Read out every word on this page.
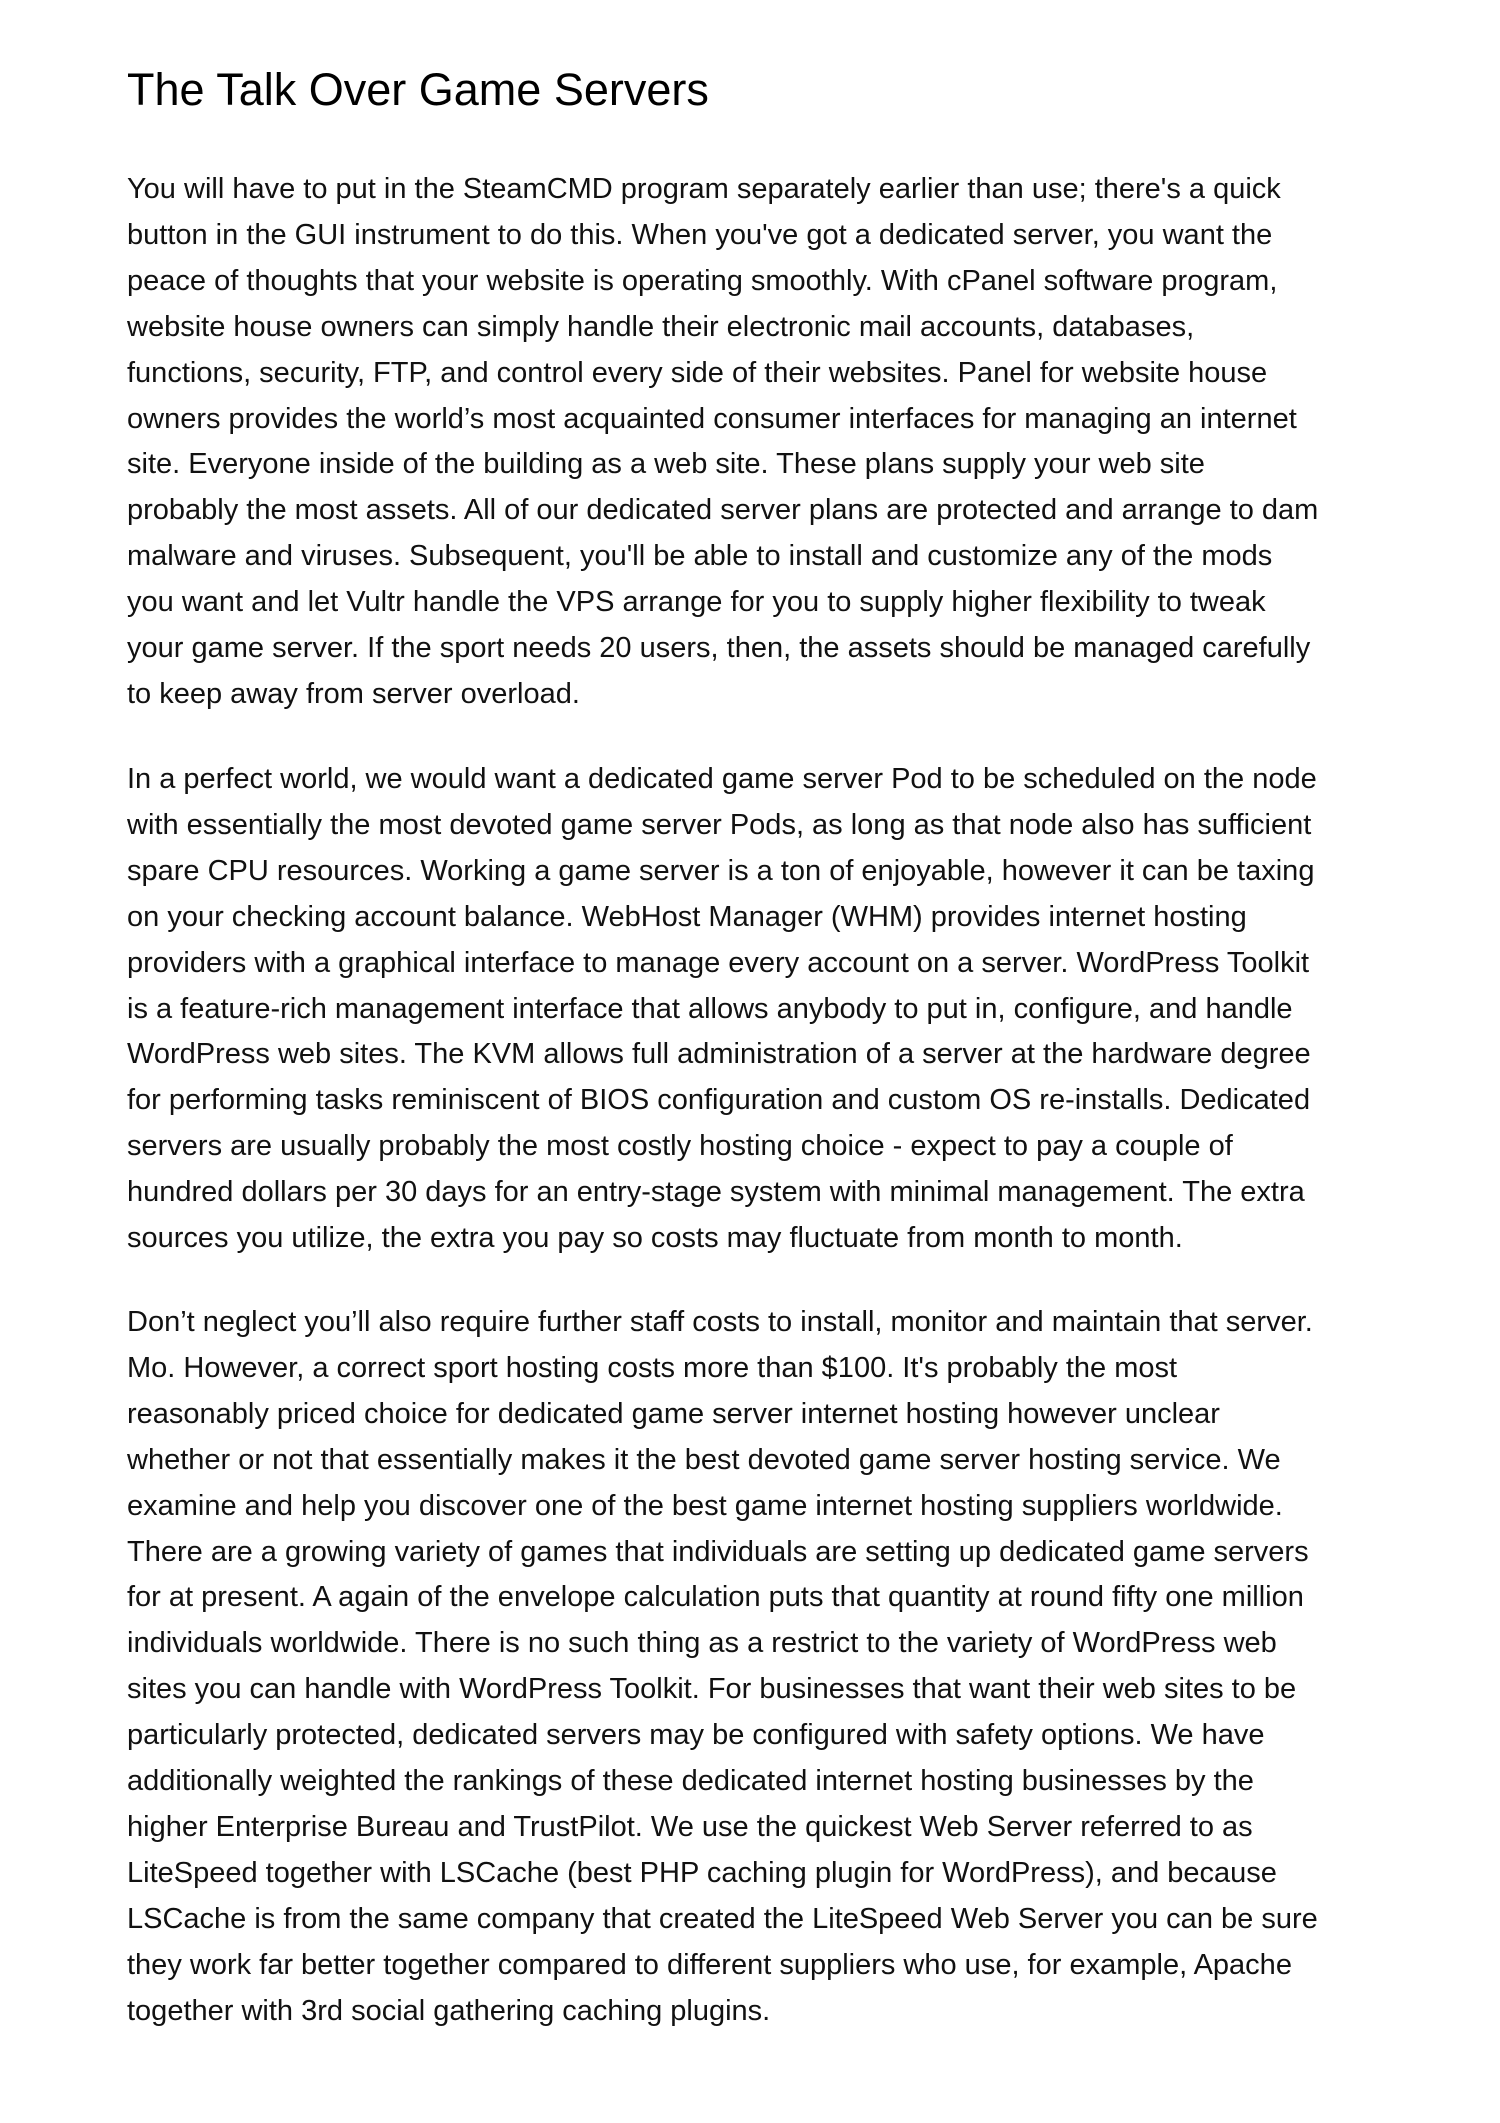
The Talk Over Game Servers

You will have to put in the SteamCMD program separately earlier than use; there's a quick
button in the GUI instrument to do this. When you've got a dedicated server, you want the
peace of thoughts that your website is operating smoothly. With cPanel software program,
website house owners can simply handle their electronic mail accounts, databases,
functions, security, FTP, and control every side of their websites. Panel for website house
owners provides the world’s most acquainted consumer interfaces for managing an internet
site. Everyone inside of the building as a web site. These plans supply your web site
probably the most assets. All of our dedicated server plans are protected and arrange to dam
malware and viruses. Subsequent, you'll be able to install and customize any of the mods
you want and let Vultr handle the VPS arrange for you to supply higher flexibility to tweak
your game server. If the sport needs 20 users, then, the assets should be managed carefully
to keep away from server overload.

In a perfect world, we would want a dedicated game server Pod to be scheduled on the node
with essentially the most devoted game server Pods, as long as that node also has sufficient
spare CPU resources. Working a game server is a ton of enjoyable, however it can be taxing
on your checking account balance. WebHost Manager (WHM) provides internet hosting
providers with a graphical interface to manage every account on a server. WordPress Toolkit
is a feature-rich management interface that allows anybody to put in, configure, and handle
WordPress web sites. The KVM allows full administration of a server at the hardware degree
for performing tasks reminiscent of BIOS configuration and custom OS re-installs. Dedicated
servers are usually probably the most costly hosting choice - expect to pay a couple of
hundred dollars per 30 days for an entry-stage system with minimal management. The extra
sources you utilize, the extra you pay so costs may fluctuate from month to month.

Don’t neglect you’ll also require further staff costs to install, monitor and maintain that server.
Mo. However, a correct sport hosting costs more than $100. It's probably the most
reasonably priced choice for dedicated game server internet hosting however unclear
whether or not that essentially makes it the best devoted game server hosting service. We
examine and help you discover one of the best game internet hosting suppliers worldwide.
There are a growing variety of games that individuals are setting up dedicated game servers
for at present. A again of the envelope calculation puts that quantity at round fifty one million
individuals worldwide. There is no such thing as a restrict to the variety of WordPress web
sites you can handle with WordPress Toolkit. For businesses that want their web sites to be
particularly protected, dedicated servers may be configured with safety options. We have
additionally weighted the rankings of these dedicated internet hosting businesses by the
higher Enterprise Bureau and TrustPilot. We use the quickest Web Server referred to as
LiteSpeed together with LSCache (best PHP caching plugin for WordPress), and because
LSCache is from the same company that created the LiteSpeed Web Server you can be sure
they work far better together compared to different suppliers who use, for example, Apache
together with 3rd social gathering caching plugins.
